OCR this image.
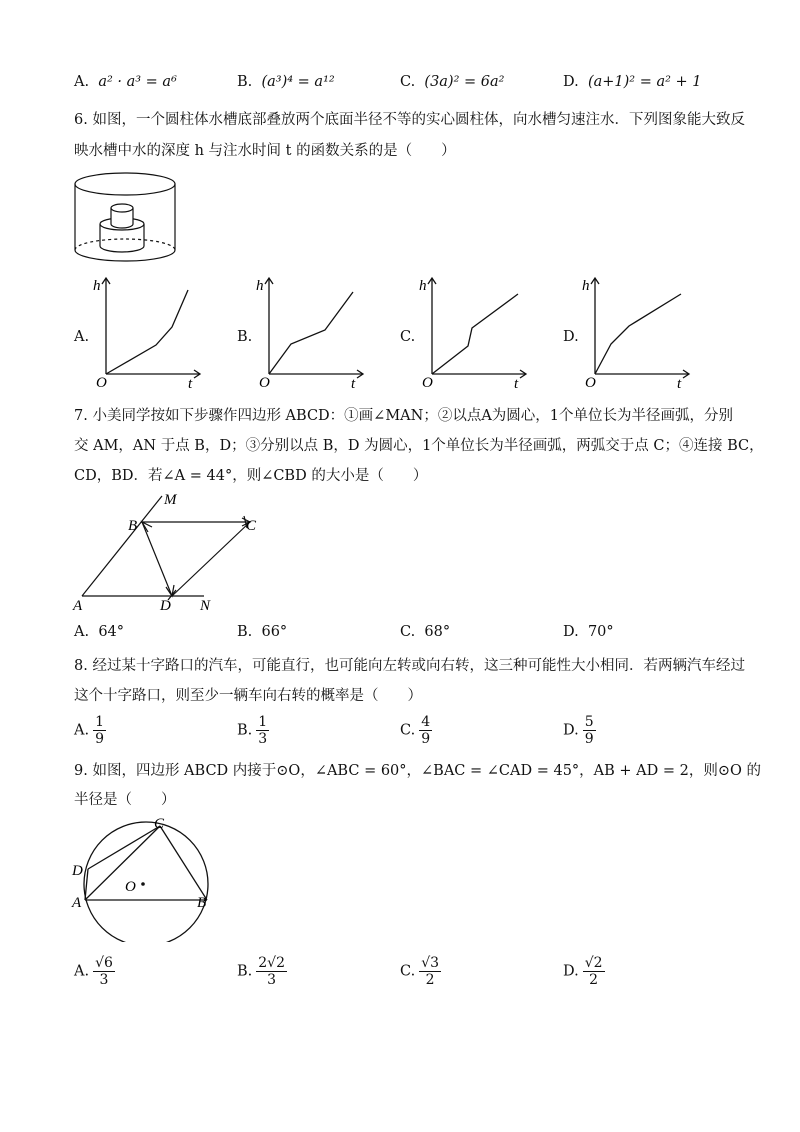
A. a² · a³ = a⁶	B. (a³)⁴ = a¹²	C. (3a)² = 6a²	D. (a+1)² = a² + 1
6. 如图，一个圆柱体水槽底部叠放两个底面半径不等的实心圆柱体，向水槽匀速注水．下列图象能大致反
映水槽中水的深度 h 与注水时间 t 的函数关系的是（　　）
A.
h
O	t
B.
h
O	t
C.
h
O	t
D.
h
O	t
7. 小美同学按如下步骤作四边形 ABCD：①画∠MAN；②以点A为圆心，1个单位长为半径画弧，分别
交 AM，AN 于点 B，D；③分别以点 B，D 为圆心，1个单位长为半径画弧，两弧交于点 C；④连接 BC，
CD，BD．若∠A = 44°，则∠CBD 的大小是（　　）
M
B	C
A	D N
A. 64°	B. 66°	C. 68°	D. 70°
8. 经过某十字路口的汽车，可能直行，也可能向左转或向右转，这三种可能性大小相同．若两辆汽车经过
这个十字路口，则至少一辆车向右转的概率是（　　）
A. $\frac{1}{9}$	B. $\frac{1}{3}$	C. $\frac{4}{9}$	D. $\frac{5}{9}$
9. 如图，四边形 ABCD 内接于⊙O，∠ABC = 60°，∠BAC = ∠CAD = 45°，AB + AD = 2，则⊙O 的
半径是（　　）
C
D
O
A	B
A. $\frac{√6}{3}$	B. $\frac{2√2}{3}$	C. $\frac{√3}{2}$	D. $\frac{√2}{2}$
